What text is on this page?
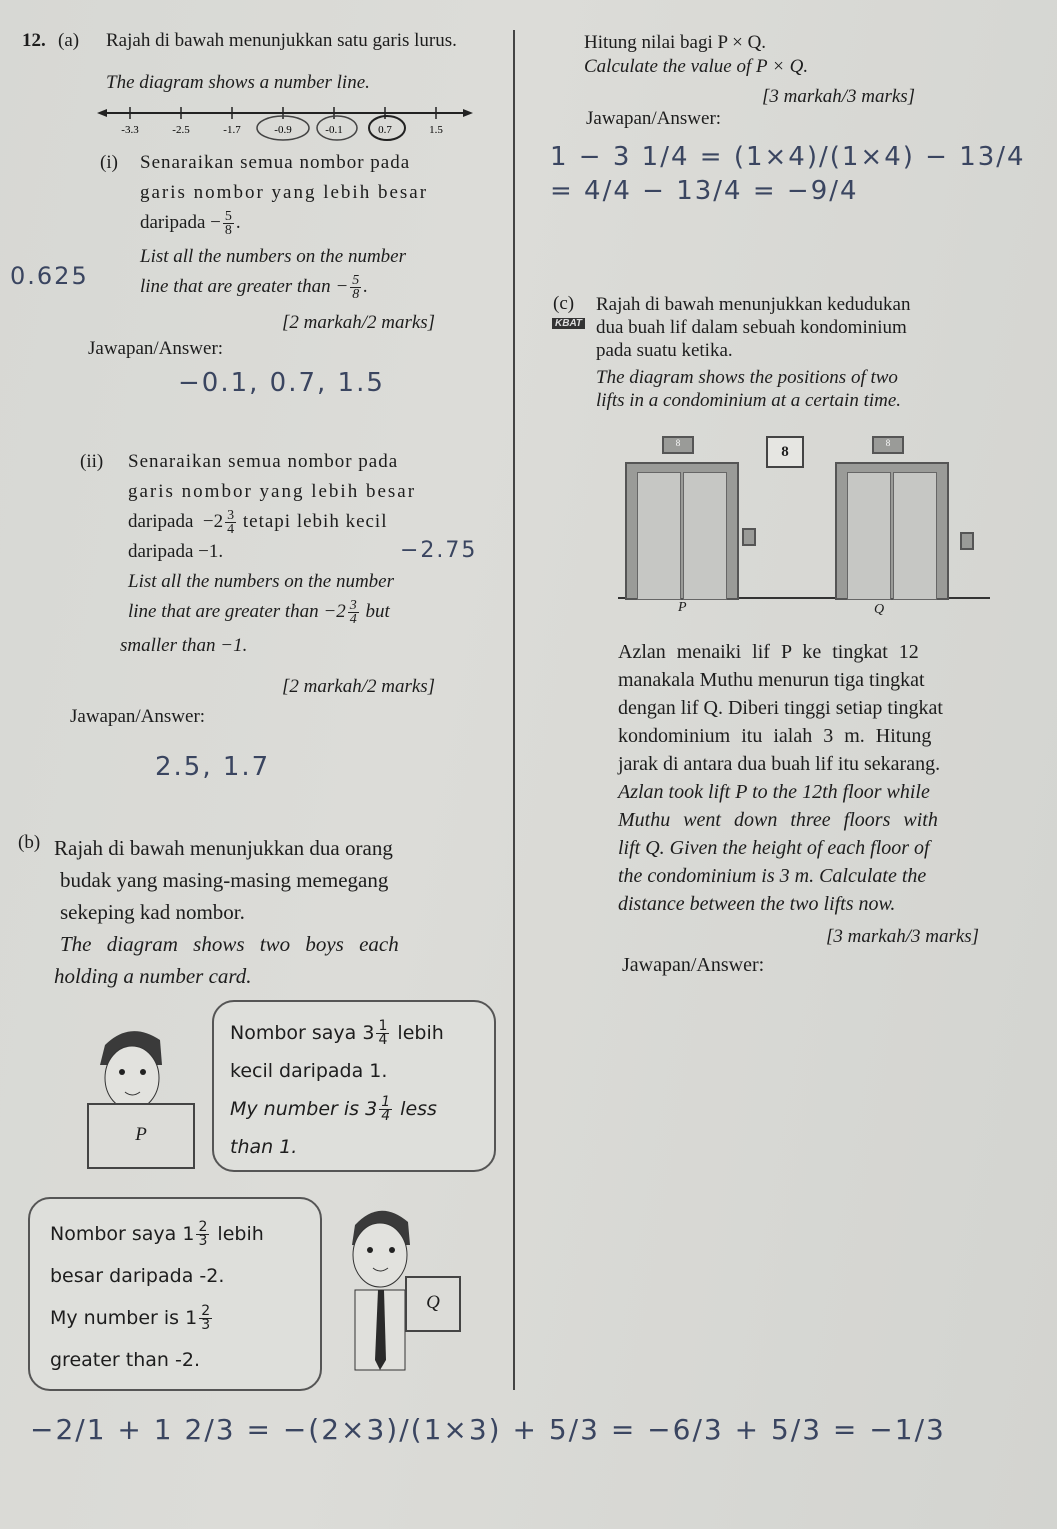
12. (a) Rajah di bawah menunjukkan satu garis lurus.
The diagram shows a number line.
-3.3	-2.5	-1.7	-0.9	-0.1	0.7	1.5
(i)	Senaraikan semua nombor pada
garis nombor yang lebih besar
daripada − $\frac{5}{8}$ .
List all the numbers on the number
line that are greater than − $\frac{5}{8}$ .
0.625
[2 markah/2 marks]
Jawapan/Answer:
−0.1, 0.7, 1.5
(ii)	Senaraikan semua nombor pada
garis nombor yang lebih besar
daripada $-2 \frac{3}{4}$ tetapi lebih kecil
daripada −1.
List all the numbers on the number
line that are greater than $-2 \frac{3}{4}$ but
smaller than −1.
−2.75
[2 markah/2 marks]
Jawapan/Answer:
2.5, 1.7
(b) Rajah di bawah menunjukkan dua orang
budak yang masing-masing memegang
sekeping kad nombor.
The diagram shows two boys each
holding a number card.
P
Nombor saya $3 \frac{1}{4}$ lebih
kecil daripada 1.
My number is $3 \frac{1}{4}$ less
than 1.
Nombor saya $1 \frac{2}{3}$ lebih
besar daripada -2.
My number is $1 \frac{2}{3}$
greater than -2.
Q
−2/1 + 1 2/3 = −(2×3)/(1×3) + 5/3 = −6/3 + 5/3 = −1/3
Hitung nilai bagi P × Q.
Calculate the value of P × Q.
[3 markah/3 marks]
Jawapan/Answer:
1 − 3 1/4 = (1×4)/(1×4) − 13/4 = 4/4 − 13/4 = −9/4
(c)
KBAT
Rajah di bawah menunjukkan kedudukan
dua buah lif dalam sebuah kondominium
pada suatu ketika.
The diagram shows the positions of two
lifts in a condominium at a certain time.
8
P
8
8
Q
Azlan menaiki lif P ke tingkat 12
manakala Muthu menurun tiga tingkat
dengan lif Q. Diberi tinggi setiap tingkat
kondominium itu ialah 3 m. Hitung
jarak di antara dua buah lif itu sekarang.
Azlan took lift P to the 12th floor while
Muthu went down three floors with
lift Q. Given the height of each floor of
the condominium is 3 m. Calculate the
distance between the two lifts now.
[3 markah/3 marks]
Jawapan/Answer:
